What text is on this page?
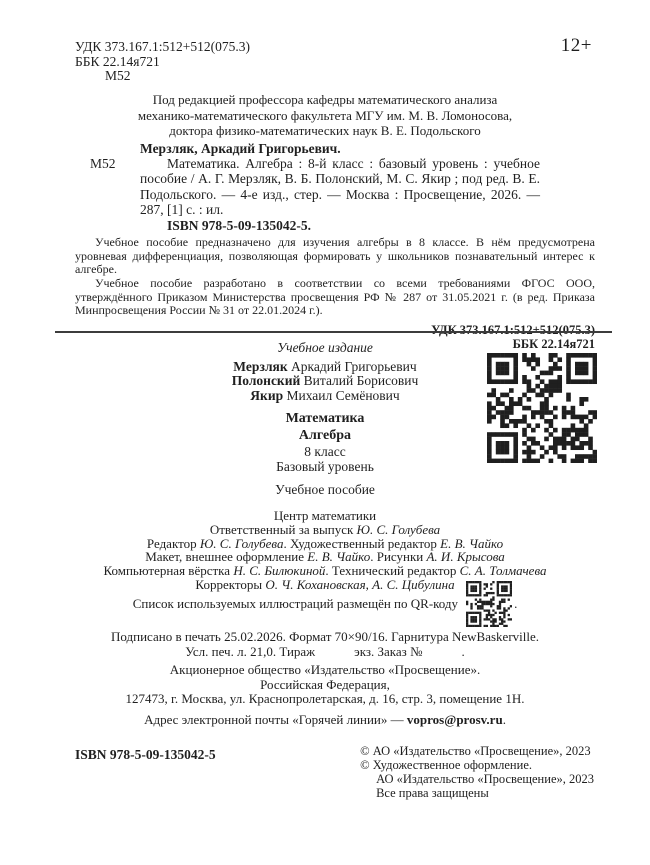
УДК 373.167.1:512+512(075.3)
ББК 22.14я721
М52
12+
Под редакцией профессора кафедры математического анализа
механико-математического факультета МГУ им. М. В. Ломоносова,
доктора физико-математических наук В. Е. Подольского
Мерзляк, Аркадий Григорьевич.
М52	Математика. Алгебра : 8-й класс : базовый уровень : учебное пособие / А. Г. Мерзляк, В. Б. Полонский, М. С. Якир ; под ред. В. Е. Подольского. — 4-е изд., стер. — Москва : Просвещение, 2026. — 287, [1] с. : ил.
ISBN 978-5-09-135042-5.
Учебное пособие предназначено для изучения алгебры в 8 классе. В нём предусмотрена уровневая дифференциация, позволяющая формировать у школьников познавательный интерес к алгебре.
Учебное пособие разработано в соответствии со всеми требованиями ФГОС ООО, утверждённого Приказом Министерства просвещения РФ № 287 от 31.05.2021 г. (в ред. Приказа Минпросвещения России № 31 от 22.01.2024 г.).
УДК 373.167.1:512+512(075.3)
ББК 22.14я721
Учебное издание
Мерзляк Аркадий Григорьевич
Полонский Виталий Борисович
Якир Михаил Семёнович
Математика
Алгебра
8 класс
Базовый уровень
Учебное пособие
Центр математики
Ответственный за выпуск Ю. С. Голубева
Редактор Ю. С. Голубева. Художественный редактор Е. В. Чайко
Макет, внешнее оформление Е. В. Чайко. Рисунки А. И. Крысова
Компьютерная вёрстка Н. С. Билюкиной. Технический редактор С. А. Толмачева
Корректоры О. Ч. Кохановская, А. С. Цибулина
Список используемых иллюстраций размещён по QR-коду	.
Подписано в печать 25.02.2026. Формат 70×90/16. Гарнитура NewBaskerville.
Усл. печ. л. 21,0. Тираж            экз. Заказ №            .
Акционерное общество «Издательство «Просвещение».
Российская Федерация,
127473, г. Москва, ул. Краснопролетарская, д. 16, стр. 3, помещение 1Н.
Адрес электронной почты «Горячей линии» — vopros@prosv.ru.
ISBN 978-5-09-135042-5	© АО «Издательство «Просвещение», 2023
© Художественное оформление.
АО «Издательство «Просвещение», 2023
Все права защищены
